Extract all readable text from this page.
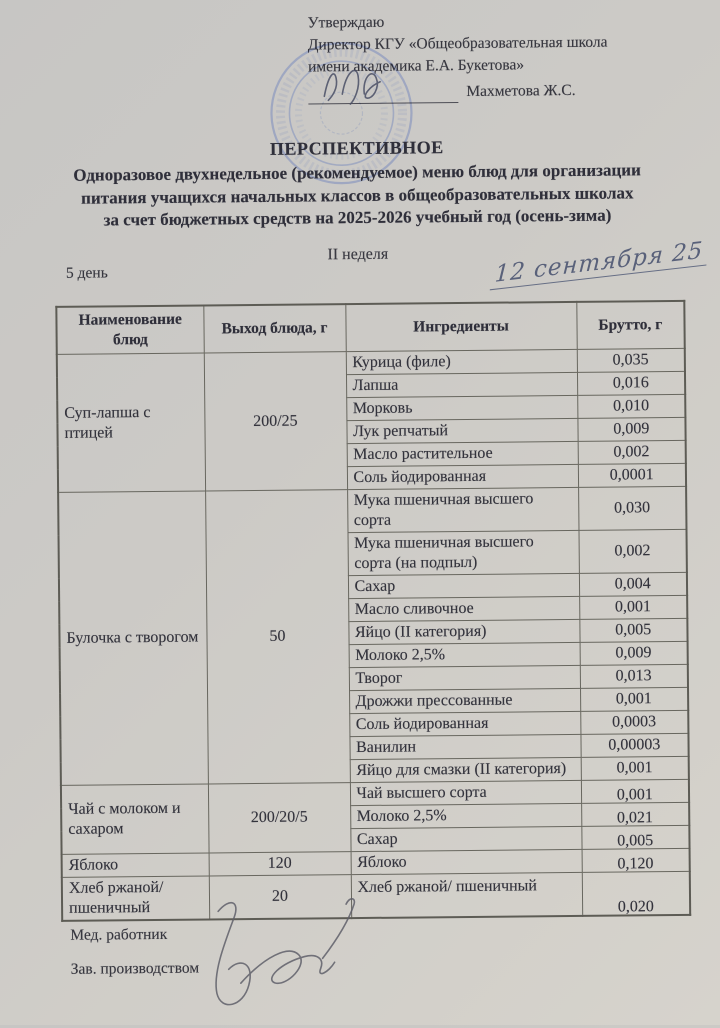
Утверждаю
Директор КГУ «Общеобразовательная школа
имени академика Е.А. Букетова»
Махметова Ж.С.
ПЕРСПЕКТИВНОЕ
Одноразовое двухнедельное (рекомендуемое) меню блюд для организации
питания учащихся начальных классов в общеобразовательных школах
за счет бюджетных средств на 2025-2026 учебный год (осень-зима)
II неделя
5 день	12 сентября 25
Наименование блюд	Выход блюда, г	Ингредиенты	Брутто, г
Суп-лапша с птицей	200/25	Курица (филе)	0,035
		Лапша	0,016
		Морковь	0,010
		Лук репчатый	0,009
		Масло растительное	0,002
		Соль йодированная	0,0001
Булочка с творогом	50	Мука пшеничная высшего сорта	0,030
		Мука пшеничная высшего сорта (на подпыл)	0,002
		Сахар	0,004
		Масло сливочное	0,001
		Яйцо (II категория)	0,005
		Молоко 2,5%	0,009
		Творог	0,013
		Дрожжи прессованные	0,001
		Соль йодированная	0,0003
		Ванилин	0,00003
		Яйцо для смазки (II категория)	0,001
Чай с молоком и сахаром	200/20/5	Чай высшего сорта	0,001
		Молоко 2,5%	0,021
		Сахар	0,005
Яблоко	120	Яблоко	0,120
Хлеб ржаной/ пшеничный	20	Хлеб ржаной/ пшеничный	0,020
Мед. работник
Зав. производством
